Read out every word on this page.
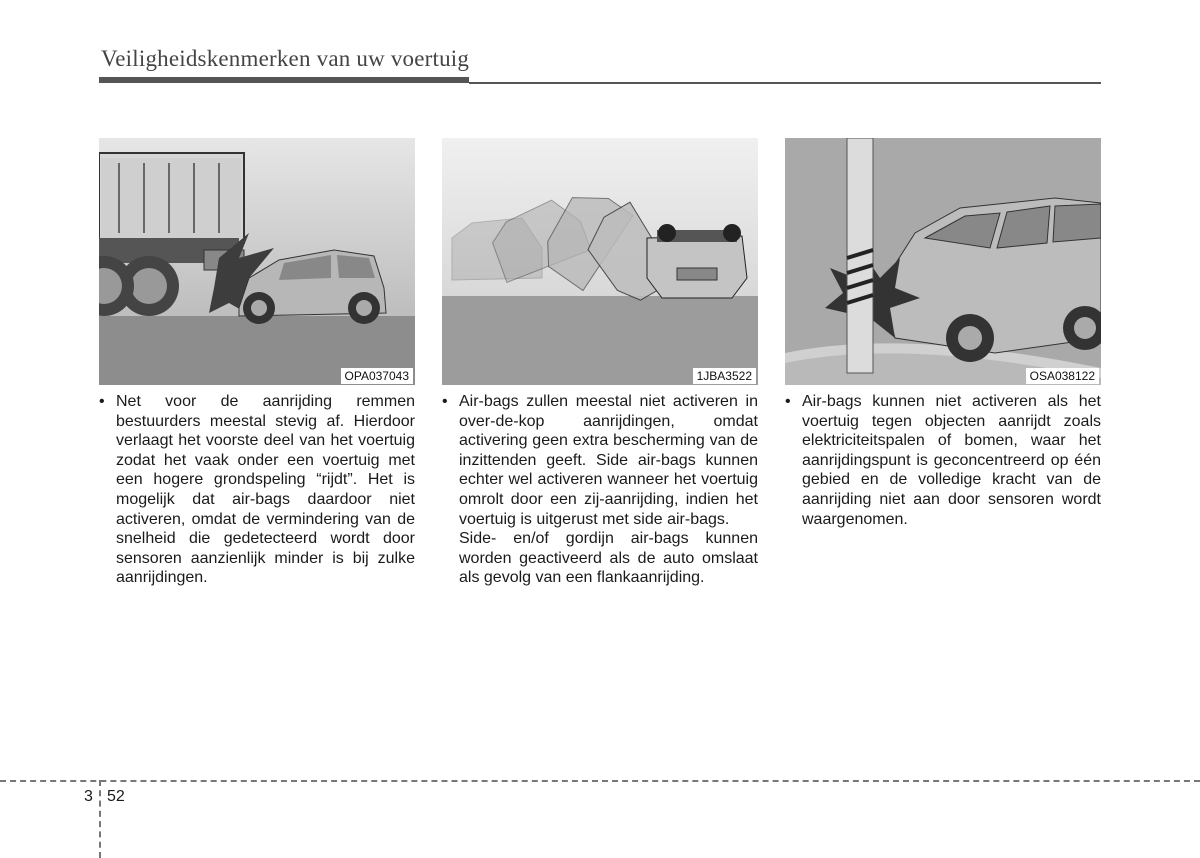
Veiligheidskenmerken van uw voertuig
OPA037043	1JBA3522	OSA038122
• Net voor de aanrijding remmen bestuurders meestal stevig af. Hierdoor verlaagt het voorste deel van het voertuig zodat het vaak onder een voertuig met een hogere grondspeling “rijdt”. Het is mogelijk dat air-bags daardoor niet activeren, omdat de vermindering van de snelheid die gedetecteerd wordt door sensoren aanzienlijk minder is bij zulke aanrijdingen.
• Air-bags zullen meestal niet activeren in over-de-kop aanrijdingen, omdat activering geen extra bescherming van de inzittenden geeft. Side air-bags kunnen echter wel activeren wanneer het voertuig omrolt door een zij-aanrijding, indien het voertuig is uitgerust met side air-bags.
Side- en/of gordijn air-bags kunnen worden geactiveerd als de auto omslaat als gevolg van een flankaanrijding.
• Air-bags kunnen niet activeren als het voertuig tegen objecten aanrijdt zoals elektriciteitspalen of bomen, waar het aanrijdingspunt is geconcentreerd op één gebied en de volledige kracht van de aanrijding niet aan door sensoren wordt waargenomen.
3 52
